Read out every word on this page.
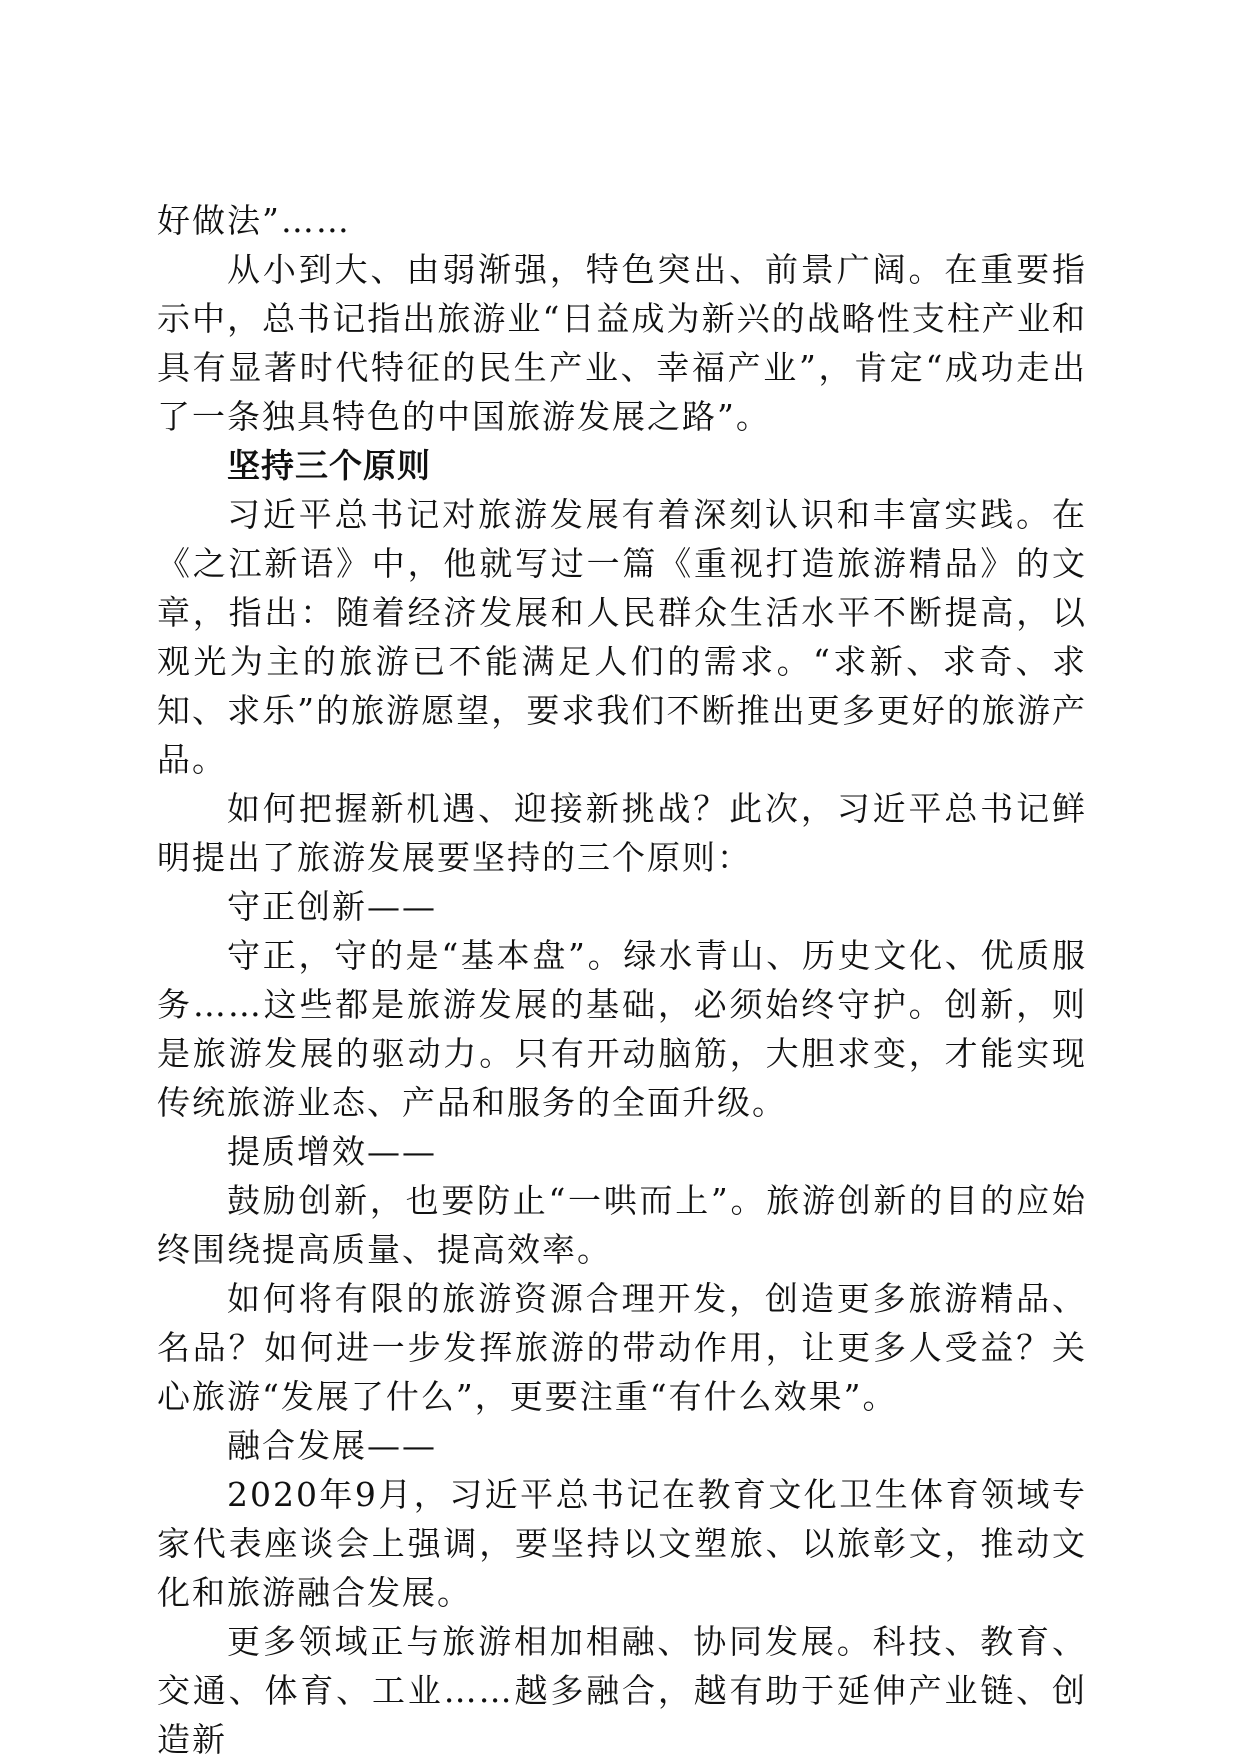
好做法”……

从小到大、由弱渐强，特色突出、前景广阔。在重要指示中，总书记指出旅游业“日益成为新兴的战略性支柱产业和具有显著时代特征的民生产业、幸福产业”，肯定“成功走出了一条独具特色的中国旅游发展之路”。

坚持三个原则

习近平总书记对旅游发展有着深刻认识和丰富实践。在《之江新语》中，他就写过一篇《重视打造旅游精品》的文章，指出：随着经济发展和人民群众生活水平不断提高，以观光为主的旅游已不能满足人们的需求。“求新、求奇、求知、求乐”的旅游愿望，要求我们不断推出更多更好的旅游产品。

如何把握新机遇、迎接新挑战？此次，习近平总书记鲜明提出了旅游发展要坚持的三个原则：

守正创新——

守正，守的是“基本盘”。绿水青山、历史文化、优质服务……这些都是旅游发展的基础，必须始终守护。创新，则是旅游发展的驱动力。只有开动脑筋，大胆求变，才能实现传统旅游业态、产品和服务的全面升级。

提质增效——

鼓励创新，也要防止“一哄而上”。旅游创新的目的应始终围绕提高质量、提高效率。

如何将有限的旅游资源合理开发，创造更多旅游精品、名品？如何进一步发挥旅游的带动作用，让更多人受益？关心旅游“发展了什么”，更要注重“有什么效果”。

融合发展——

2020年9月，习近平总书记在教育文化卫生体育领域专家代表座谈会上强调，要坚持以文塑旅、以旅彰文，推动文化和旅游融合发展。

更多领域正与旅游相加相融、协同发展。科技、教育、交通、体育、工业……越多融合，越有助于延伸产业链、创造新
